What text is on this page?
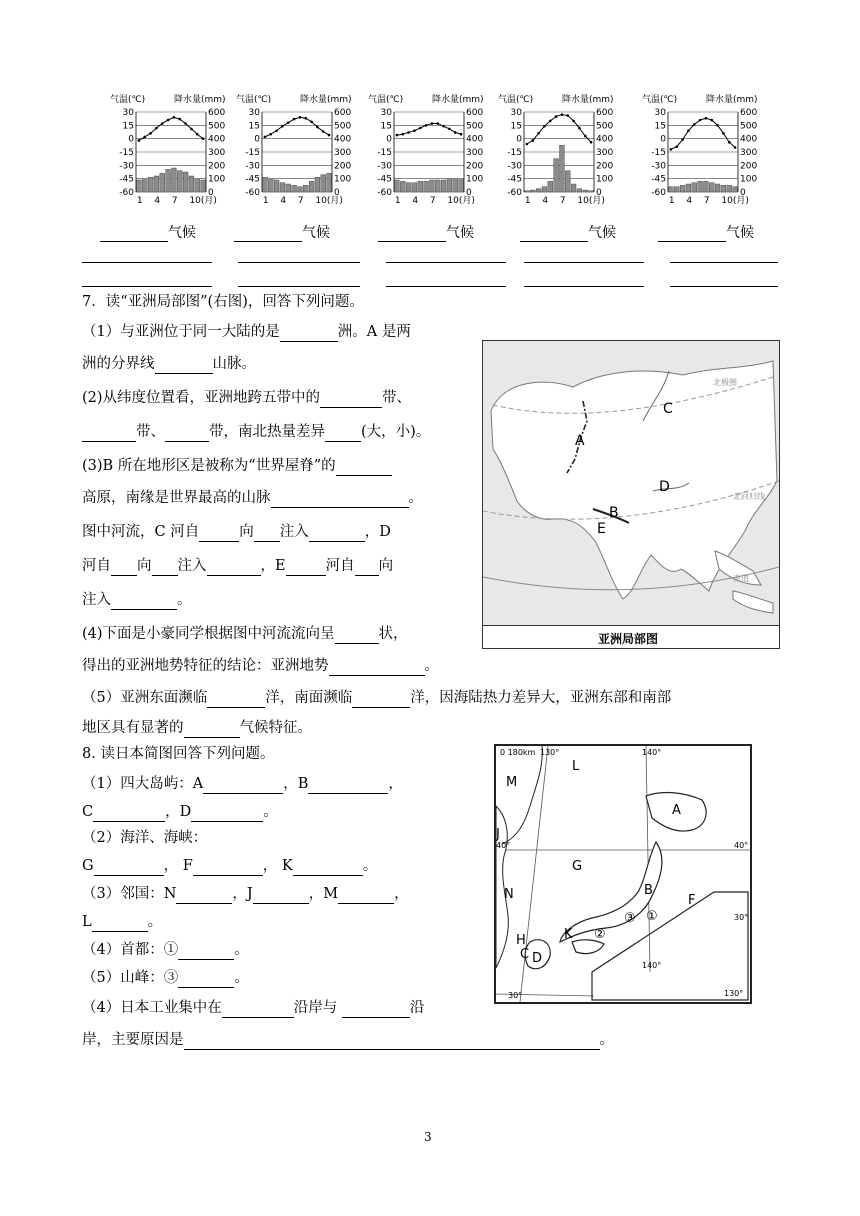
气温(℃)	降水量(mm)
30	600
15	500
0	400
-15	300
-30	200
-45	100
-60	0
1 4 7 10(月)
气温(℃)	降水量(mm)
30	600
15	500
0	400
-15	300
-30	200
-45	100
-60	0
1 4 7 10(月)
气温(℃)	降水量(mm)
30	600
15	500
0	400
-15	300
-30	200
-45	100
-60	0
1 4 7 10(月)
气温(℃)	降水量(mm)
30	600
15	500
0	400
-15	300
-30	200
-45	100
-60	0
1 4 7 10(月)
气温(℃)	降水量(mm)
30	600
15	500
0	400
-15	300
-30	200
-45	100
-60	0
1 4 7 10(月)
气候	气候	气候	气候	气候
7．读“亚洲局部图”(右图)，回答下列问题。
（1）与亚洲位于同一大陆的是	洲。A 是两
洲的分界线	山脉。
(2)从纬度位置看，亚洲地跨五带中的	带、
带、	带，南北热量差异 (大，小)。
(3)B 所在地形区是被称为“世界屋脊”的
高原，南缘是世界最高的山脉	。
图中河流，C 河自	向 注入	，D
河自 向 注入	，E	河自 向
注入	。
(4)下面是小豪同学根据图中河流流向呈	状，
得出的亚洲地势特征的结论：亚洲地势	。
（5）亚洲东面濒临	洋，南面濒临	洋，因海陆热力差异大，亚洲东部和南部
地区具有显著的	气候特征。
C
A
B
D
E
北极圈
北回归线
赤道
亚洲局部图
8. 读日本简图回答下列问题。
（1）四大岛屿：A	，B	，
C	，D	。
（2）海洋、海峡：
G	， F	， K	。
（3）邻国：N	，J	，M	，
L	。
（4）首都：①	。
（5）山峰：③	。
（4）日本工业集中在	沿岸与	沿
岸，主要原因是	。
0 180km 130°	140°
40°	40°
30°
30°
140°
130°
L
M
A
J
G
N	B
F
③ ①
②
K
H
D
C
3
